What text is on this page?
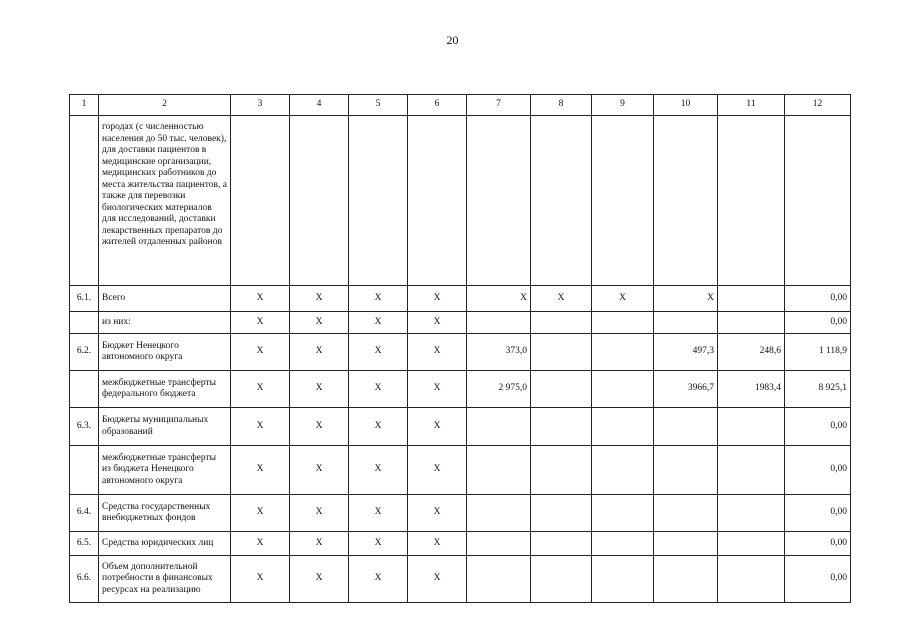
20
1	2	3	4	5	6	7	8	9	10	11	12
	городах (с численностью населения до 50 тыс. человек), для доставки пациентов в медицинские организации, медицинских работников до места жительства пациентов, а также для перевозки биологических материалов для исследований, доставки лекарственных препаратов до жителей отдаленных районов										
6.1.	Всего	X	X	X	X	X	X	X	X		0,00
	из них:	X	X	X	X						0,00
6.2.	Бюджет Ненецкого автономного округа	X	X	X	X	373,0			497,3	248,6	1 118,9
	межбюджетные трансферты федерального бюджета	X	X	X	X	2 975,0			3966,7	1983,4	8 925,1
6.3.	Бюджеты муниципальных образований	X	X	X	X						0,00
	межбюджетные трансферты из бюджета Ненецкого автономного округа	X	X	X	X						0,00
6.4.	Средства государственных внебюджетных фондов	X	X	X	X						0,00
6.5.	Средства юридических лиц	X	X	X	X						0,00
6.6.	Объем дополнительной потребности в финансовых ресурсах на реализацию	X	X	X	X						0,00
